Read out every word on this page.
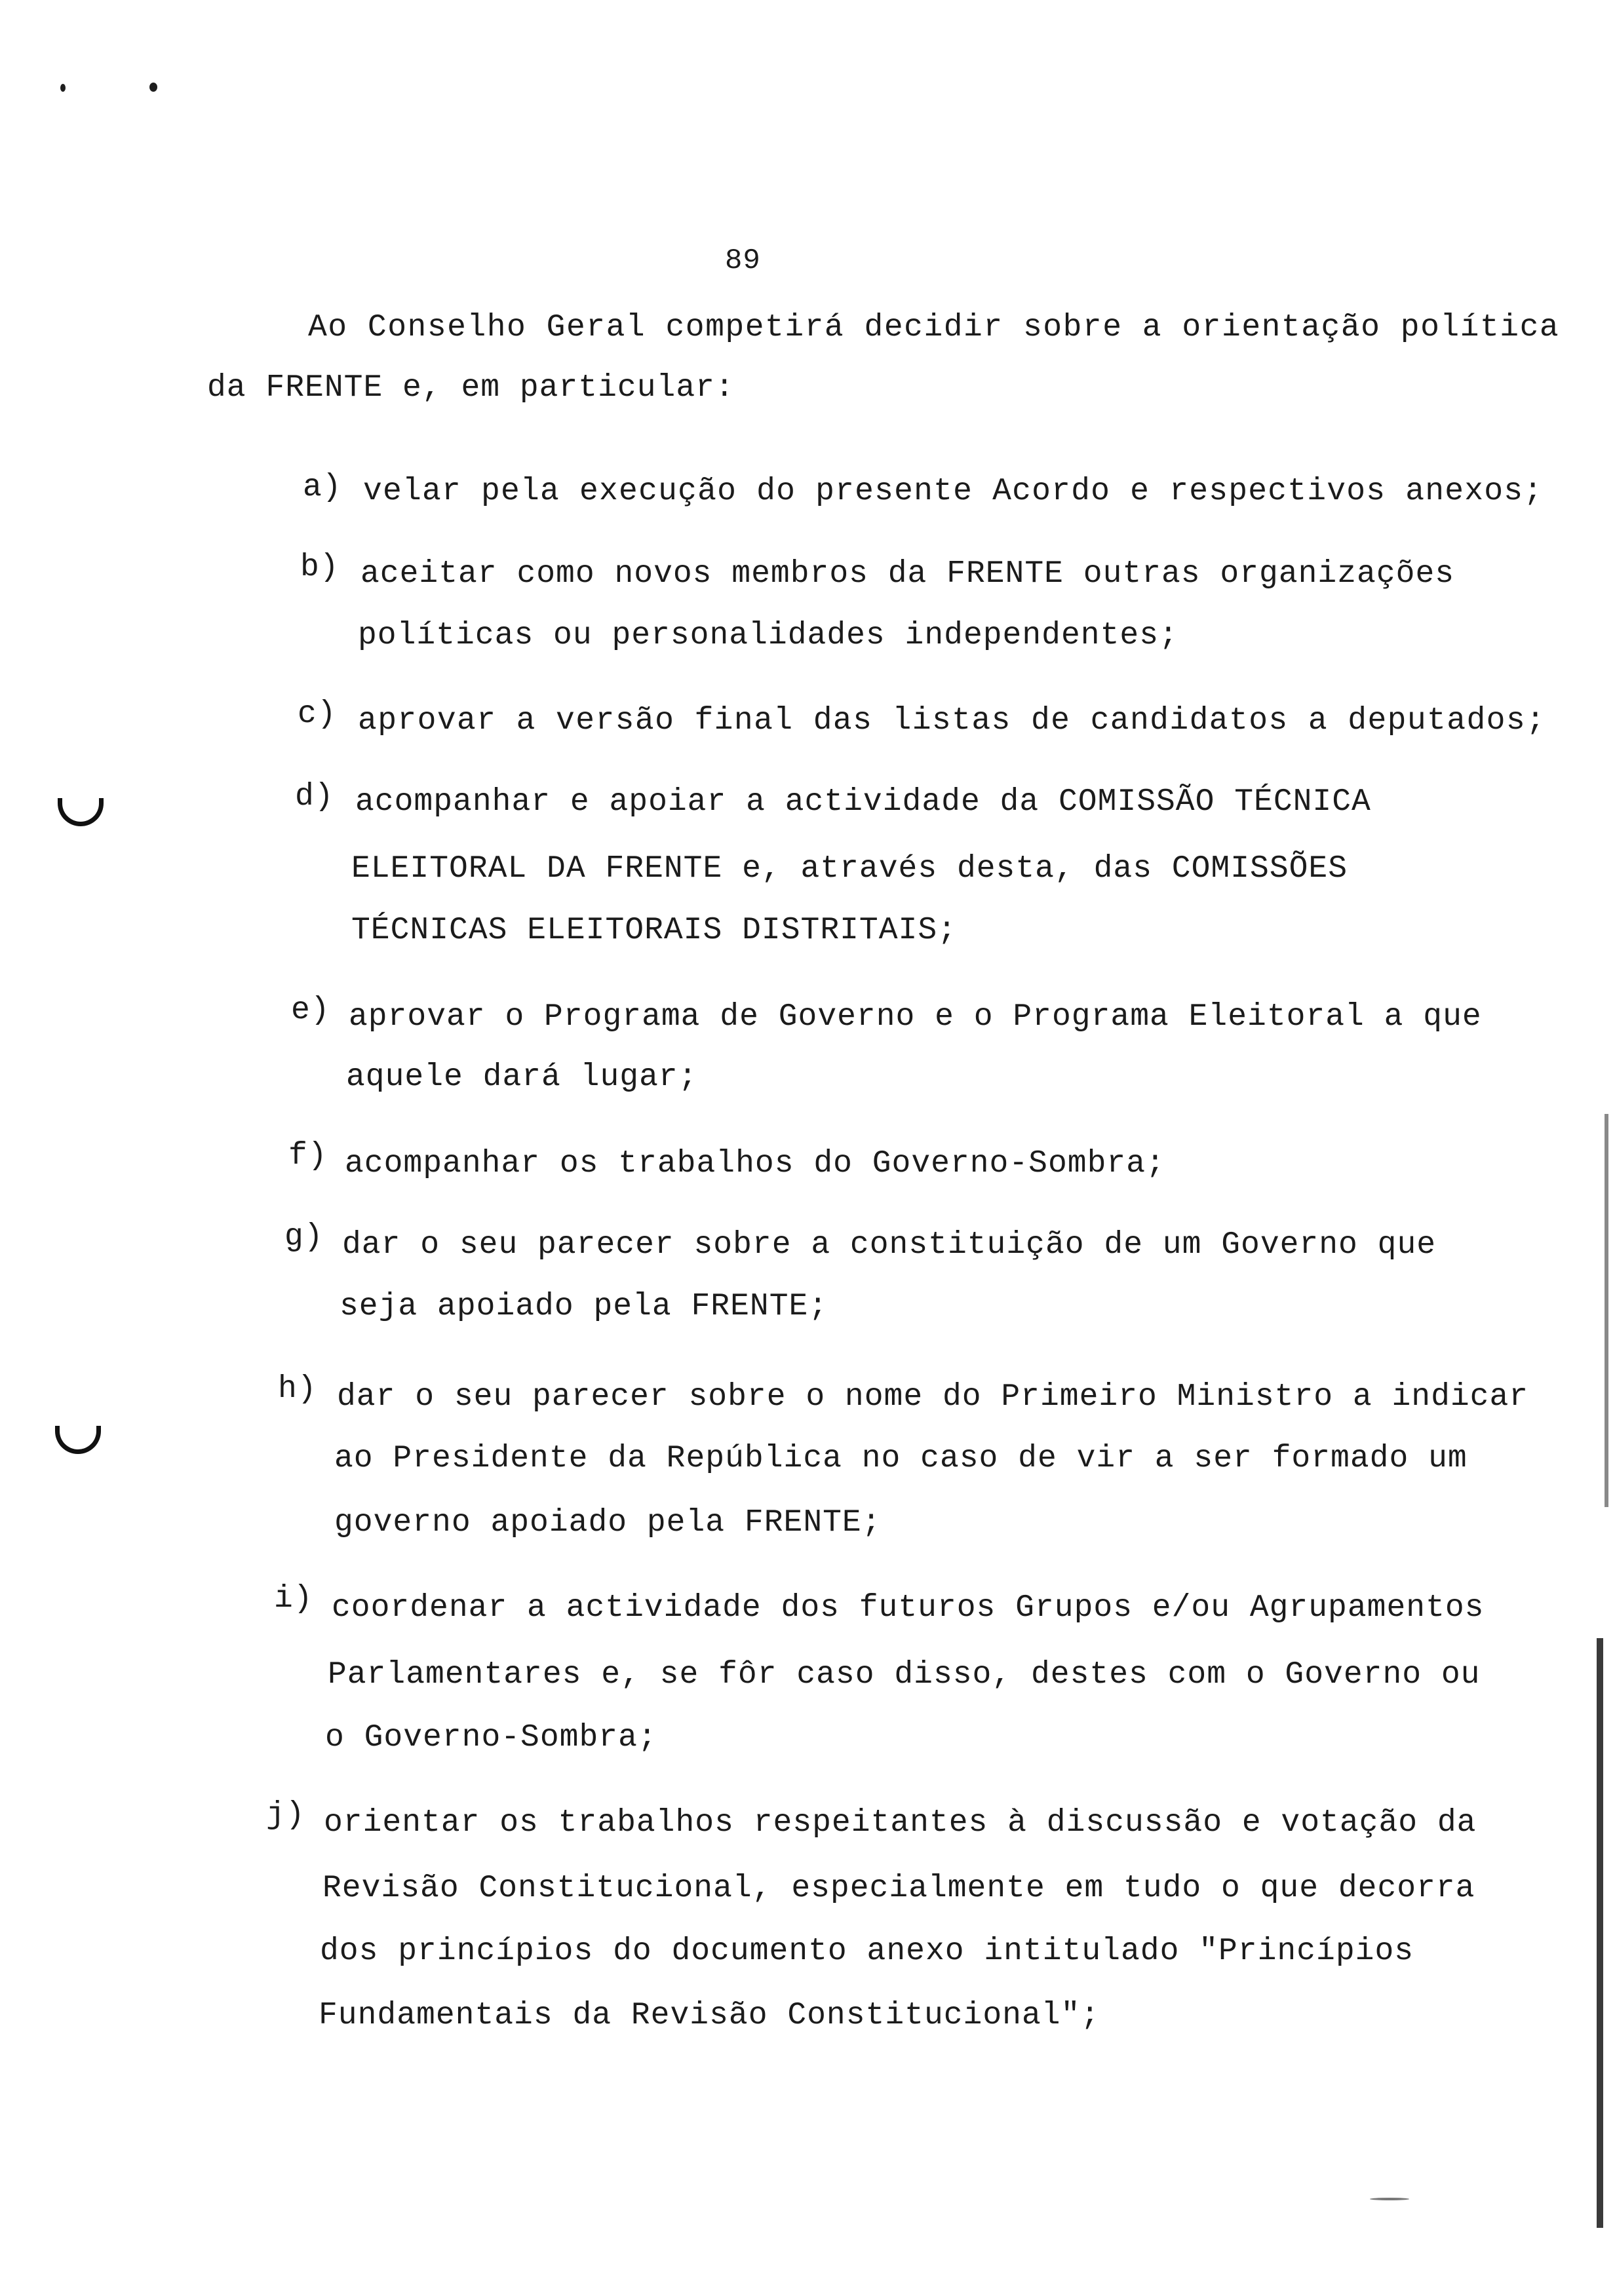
89
Ao Conselho Geral competirá decidir sobre a orientação política
da FRENTE e, em particular:
a) velar pela execução do presente Acordo e respectivos anexos;
b) aceitar como novos membros da FRENTE outras organizações
políticas ou personalidades independentes;
c) aprovar a versão final das listas de candidatos a deputados;
d) acompanhar e apoiar a actividade da COMISSÃO TÉCNICA
ELEITORAL DA FRENTE e, através desta, das COMISSÕES
TÉCNICAS ELEITORAIS DISTRITAIS;
e) aprovar o Programa de Governo e o Programa Eleitoral a que
aquele dará lugar;
f) acompanhar os trabalhos do Governo-Sombra;
g) dar o seu parecer sobre a constituição de um Governo que
seja apoiado pela FRENTE;
h) dar o seu parecer sobre o nome do Primeiro Ministro a indicar
ao Presidente da República no caso de vir a ser formado um
governo apoiado pela FRENTE;
i) coordenar a actividade dos futuros Grupos e/ou Agrupamentos
Parlamentares e, se fôr caso disso, destes com o Governo ou
o Governo-Sombra;
j) orientar os trabalhos respeitantes à discussão e votação da
Revisão Constitucional, especialmente em tudo o que decorra
dos princípios do documento anexo intitulado "Princípios
Fundamentais da Revisão Constitucional";
